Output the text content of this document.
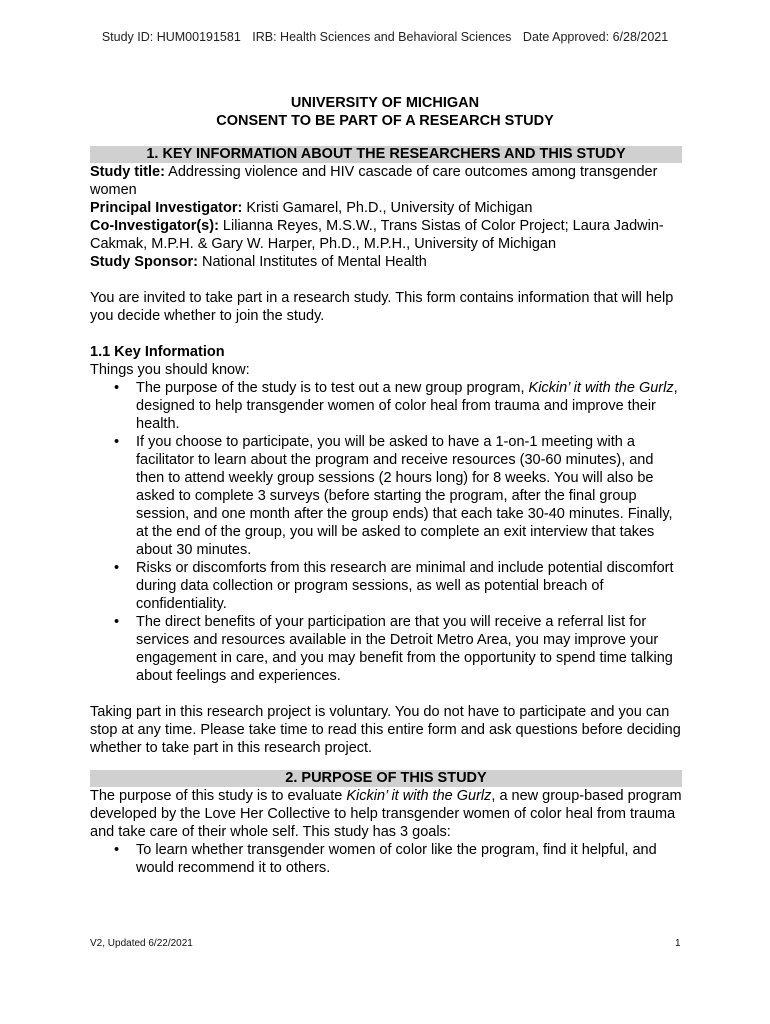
Study ID: HUM00191581 IRB: Health Sciences and Behavioral Sciences Date Approved: 6/28/2021
UNIVERSITY OF MICHIGAN
CONSENT TO BE PART OF A RESEARCH STUDY
1. KEY INFORMATION ABOUT THE RESEARCHERS AND THIS STUDY

Study title: Addressing violence and HIV cascade of care outcomes among transgender women

Principal Investigator: Kristi Gamarel, Ph.D., University of Michigan

Co-Investigator(s): Lilianna Reyes, M.S.W., Trans Sistas of Color Project; Laura Jadwin-Cakmak, M.P.H. & Gary W. Harper, Ph.D., M.P.H., University of Michigan

Study Sponsor: National Institutes of Mental Health

You are invited to take part in a research study. This form contains information that will help you decide whether to join the study.

1.1 Key Information

Things you should know:

• The purpose of the study is to test out a new group program, Kickin’ it with the Gurlz, designed to help transgender women of color heal from trauma and improve their health.
• If you choose to participate, you will be asked to have a 1-on-1 meeting with a facilitator to learn about the program and receive resources (30-60 minutes), and then to attend weekly group sessions (2 hours long) for 8 weeks. You will also be asked to complete 3 surveys (before starting the program, after the final group session, and one month after the group ends) that each take 30-40 minutes. Finally, at the end of the group, you will be asked to complete an exit interview that takes about 30 minutes.
• Risks or discomforts from this research are minimal and include potential discomfort during data collection or program sessions, as well as potential breach of confidentiality.
• The direct benefits of your participation are that you will receive a referral list for services and resources available in the Detroit Metro Area, you may improve your engagement in care, and you may benefit from the opportunity to spend time talking about feelings and experiences.

Taking part in this research project is voluntary. You do not have to participate and you can stop at any time. Please take time to read this entire form and ask questions before deciding whether to take part in this research project.

2. PURPOSE OF THIS STUDY

The purpose of this study is to evaluate Kickin’ it with the Gurlz, a new group-based program developed by the Love Her Collective to help transgender women of color heal from trauma and take care of their whole self. This study has 3 goals:

• To learn whether transgender women of color like the program, find it helpful, and would recommend it to others.
V2, Updated 6/22/2021	1
